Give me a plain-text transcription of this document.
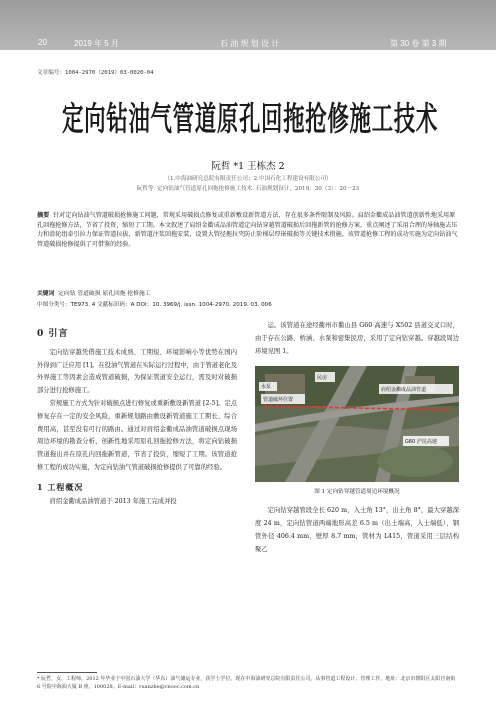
20	2019 年 5 月	石 油 规 划 设 计	第 30 卷 第 3 期
文章编号：1004-2970（2019）03-0020-04
定向钻油气管道原孔回拖抢修施工技术
阮哲 *1 王栋杰 2
（1.中海油研究总院有限责任公司；2.中国石化工程建设有限公司）
阮哲等. 定向钻油气管道原孔回拖抢修施工技术. 石油规划设计，2019，30（3）：20－23
摘要 针对定向钻油气管道破损抢修施工问题，常规采用破损点修复或重新敷设新管道方法，存在很多条件限制及风险。肩绍金衢成品油管道创新性地采用原孔回拖抢修方法，节省了投资，缩短了工期。本文叙述了肩绍金衢成品油管道定向钻穿越管道破损后回拖新管的抢修方案，重点阐述了采用合理的导轴施去压力和滑轮组牵引拉力保证管道拉拔、新管道注浆回拖安装，设置大管径拖拉夹防止阶梯层厚嵌破损等关键技术措施。该管道抢修工程的成功实施为定向钻油气管道破损抢修提供了可借鉴的经验。
关键词 定向钻 管道破损 原孔回拖 抢修施工
中图分类号：TE973. 4 文献标识码：A DOI：10. 3969/j. issn. 1004-2970. 2019. 03. 006
0 引言

定向钻穿越凭借施工技术成熟、工期短、环境影响小等优势在国内外得到广泛应用 [1]。在役油气管道在实际运行过程中，由于管道老化及外界施工等因素会造成管道破损，为保证管道安全运行，需及时对破损部分进行抢修施工。

常规施工方式为针对破损点进行修复或重新敷设新管道 [2-5]。定点修复存在一定的安全风险，重新规划路由敷设新管道施工工期长、综合费用高，甚至没有可行的路由。通过对肩绍金衢成品油管道破损点现场周边环境的勘查分析，创新性地采用原孔回拖抢修方法，将定向钻破损管道拖出并在原孔内回拖新管道，节省了投资，缩短了工期。该管道抢修工程的成功实施，为定向钻油气管道破损抢修提供了可靠的经验。

1 工程概况

肩绍金衢成品油管道于 2013 年施工完成并投

运。该管道在途经衢州市衢山县 G60 高速与 X502 县道交叉口时，由于存在公路、桥涵、水泵和密集民房，采用了定向钻穿越。穿越段周边环境见图 1。

管道破坏位置
民房
水泵	肩绍金衢成品油管道
G60 沪昆高速
图 1 定向钻穿越管道周边环境概况

定向钻穿越管段全长 620 m，入土角 13°，出土角 8°，最大穿越深度 24 m，定向钻管道两端地形高差 6.5 m（出土端高，入土端低），钢管外径 406.4 mm，壁厚 8.7 mm，管材为 L415，管道采用三层结构聚乙

* 阮哲，女，工程师。2012 年毕业于中国石油大学（华东）油气储运专业，获学士学位。现在中海油研究总院有限责任公司，从事管道工程设计、管理工作。地址：北京市朝阳区太阳宫南街 6 号院中海油大厦 B 座，100028。E-mail：ruanzhe@cnooc.com.cn
